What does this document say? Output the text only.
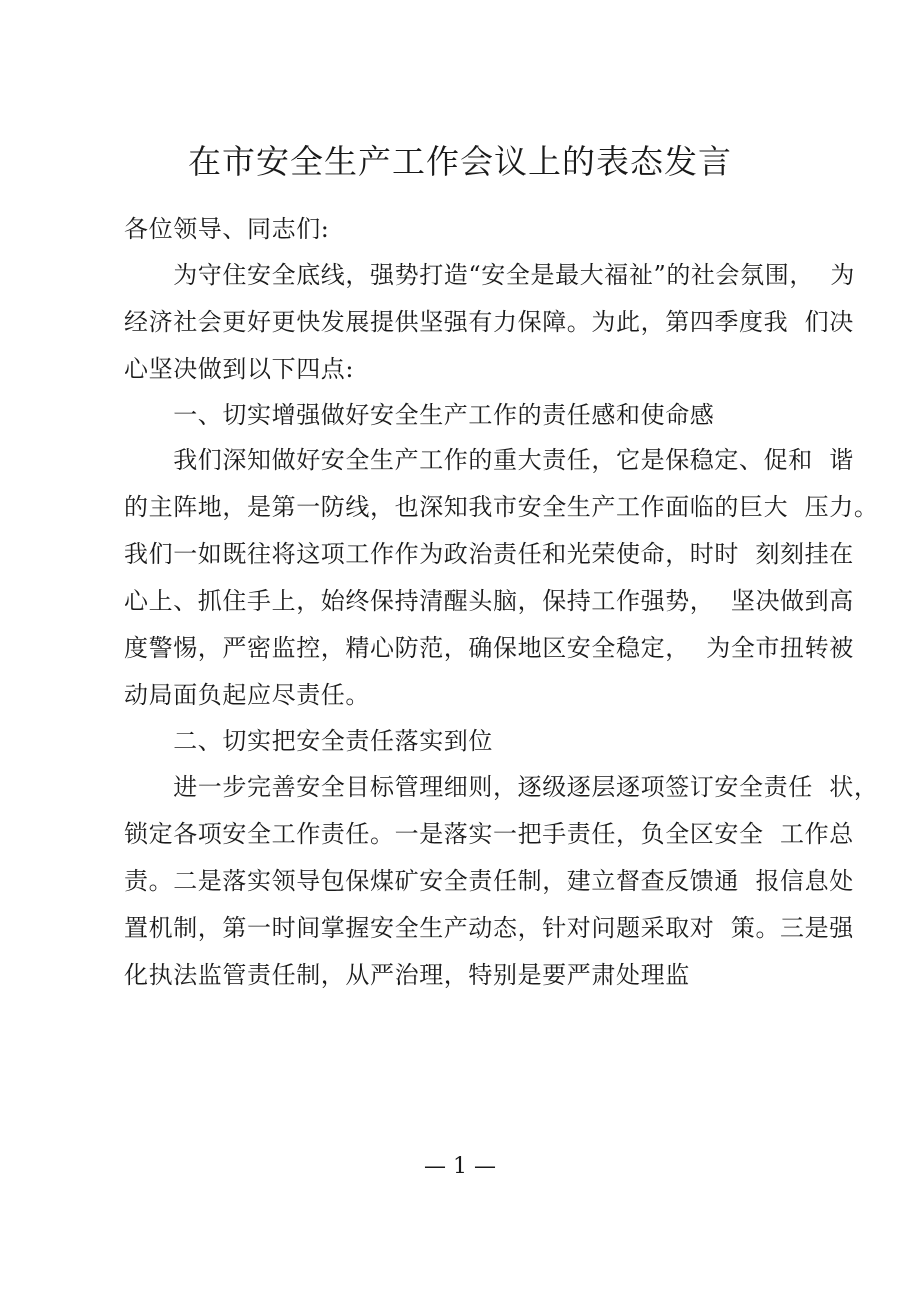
在市安全生产工作会议上的表态发言
各位领导、同志们:
　　为守住安全底线，强势打造“安全是最大福祉”的社会氛围，  为
经济社会更好更快发展提供坚强有力保障。为此，第四季度我  们决
心坚决做到以下四点:
　　一、切实增强做好安全生产工作的责任感和使命感
　　我们深知做好安全生产工作的重大责任，它是保稳定、促和  谐
的主阵地，是第一防线，也深知我市安全生产工作面临的巨大  压力。
我们一如既往将这项工作作为政治责任和光荣使命，时时  刻刻挂在
心上、抓住手上，始终保持清醒头脑，保持工作强势，  坚决做到高
度警惕，严密监控，精心防范，确保地区安全稳定，  为全市扭转被
动局面负起应尽责任。
　　二、切实把安全责任落实到位
　　进一步完善安全目标管理细则，逐级逐层逐项签订安全责任  状，
锁定各项安全工作责任。一是落实一把手责任，负全区安全  工作总
责。二是落实领导包保煤矿安全责任制，建立督查反馈通  报信息处
置机制，第一时间掌握安全生产动态，针对问题采取对  策。三是强
化执法监管责任制，从严治理，特别是要严肃处理监
— 1 —
